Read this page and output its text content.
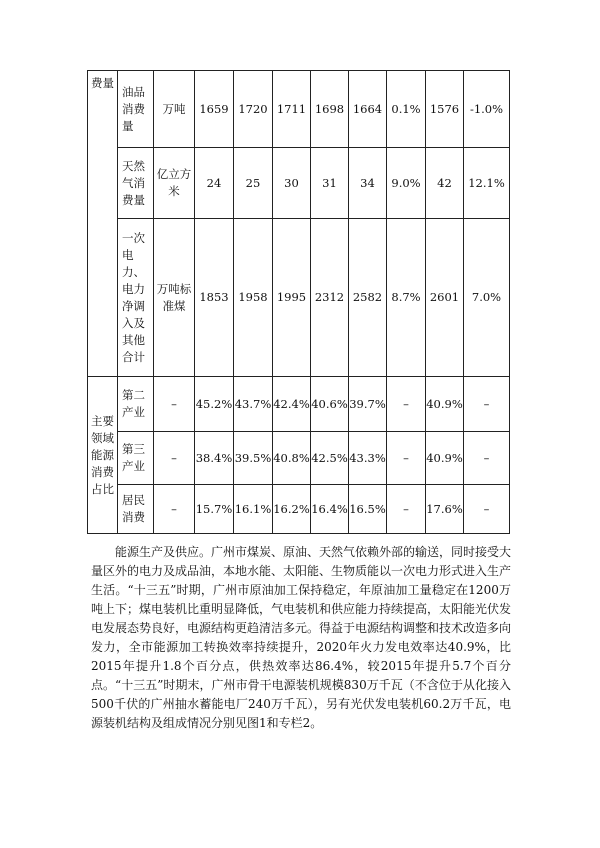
费量	油品消费量	万吨	1659	1720	1711	1698	1664	0.1%	1576	-1.0%
	天然气消费量	亿立方米	24	25	30	31	34	9.0%	42	12.1%
	一次电力、电力净调入及其他合计	万吨标准煤	1853	1958	1995	2312	2582	8.7%	2601	7.0%
主要领域能源消费占比	第二产业	–	45.2%	43.7%	42.4%	40.6%	39.7%	–	40.9%	–
	第三产业	–	38.4%	39.5%	40.8%	42.5%	43.3%	–	40.9%	–
	居民消费	–	15.7%	16.1%	16.2%	16.4%	16.5%	–	17.6%	–

能源生产及供应。广州市煤炭、原油、天然气依赖外部的输送，同时接受大量区外的电力及成品油，本地水能、太阳能、生物质能以一次电力形式进入生产生活。“十三五”时期，广州市原油加工保持稳定，年原油加工量稳定在1200万吨上下；煤电装机比重明显降低，气电装机和供应能力持续提高，太阳能光伏发电发展态势良好，电源结构更趋清洁多元。得益于电源结构调整和技术改造多向发力，全市能源加工转换效率持续提升，2020年火力发电效率达40.9%，比2015年提升1.8个百分点，供热效率达86.4%，较2015年提升5.7个百分点。“十三五”时期末，广州市骨干电源装机规模830万千瓦（不含位于从化接入500千伏的广州抽水蓄能电厂240万千瓦），另有光伏发电装机60.2万千瓦，电源装机结构及组成情况分别见图1和专栏2。
